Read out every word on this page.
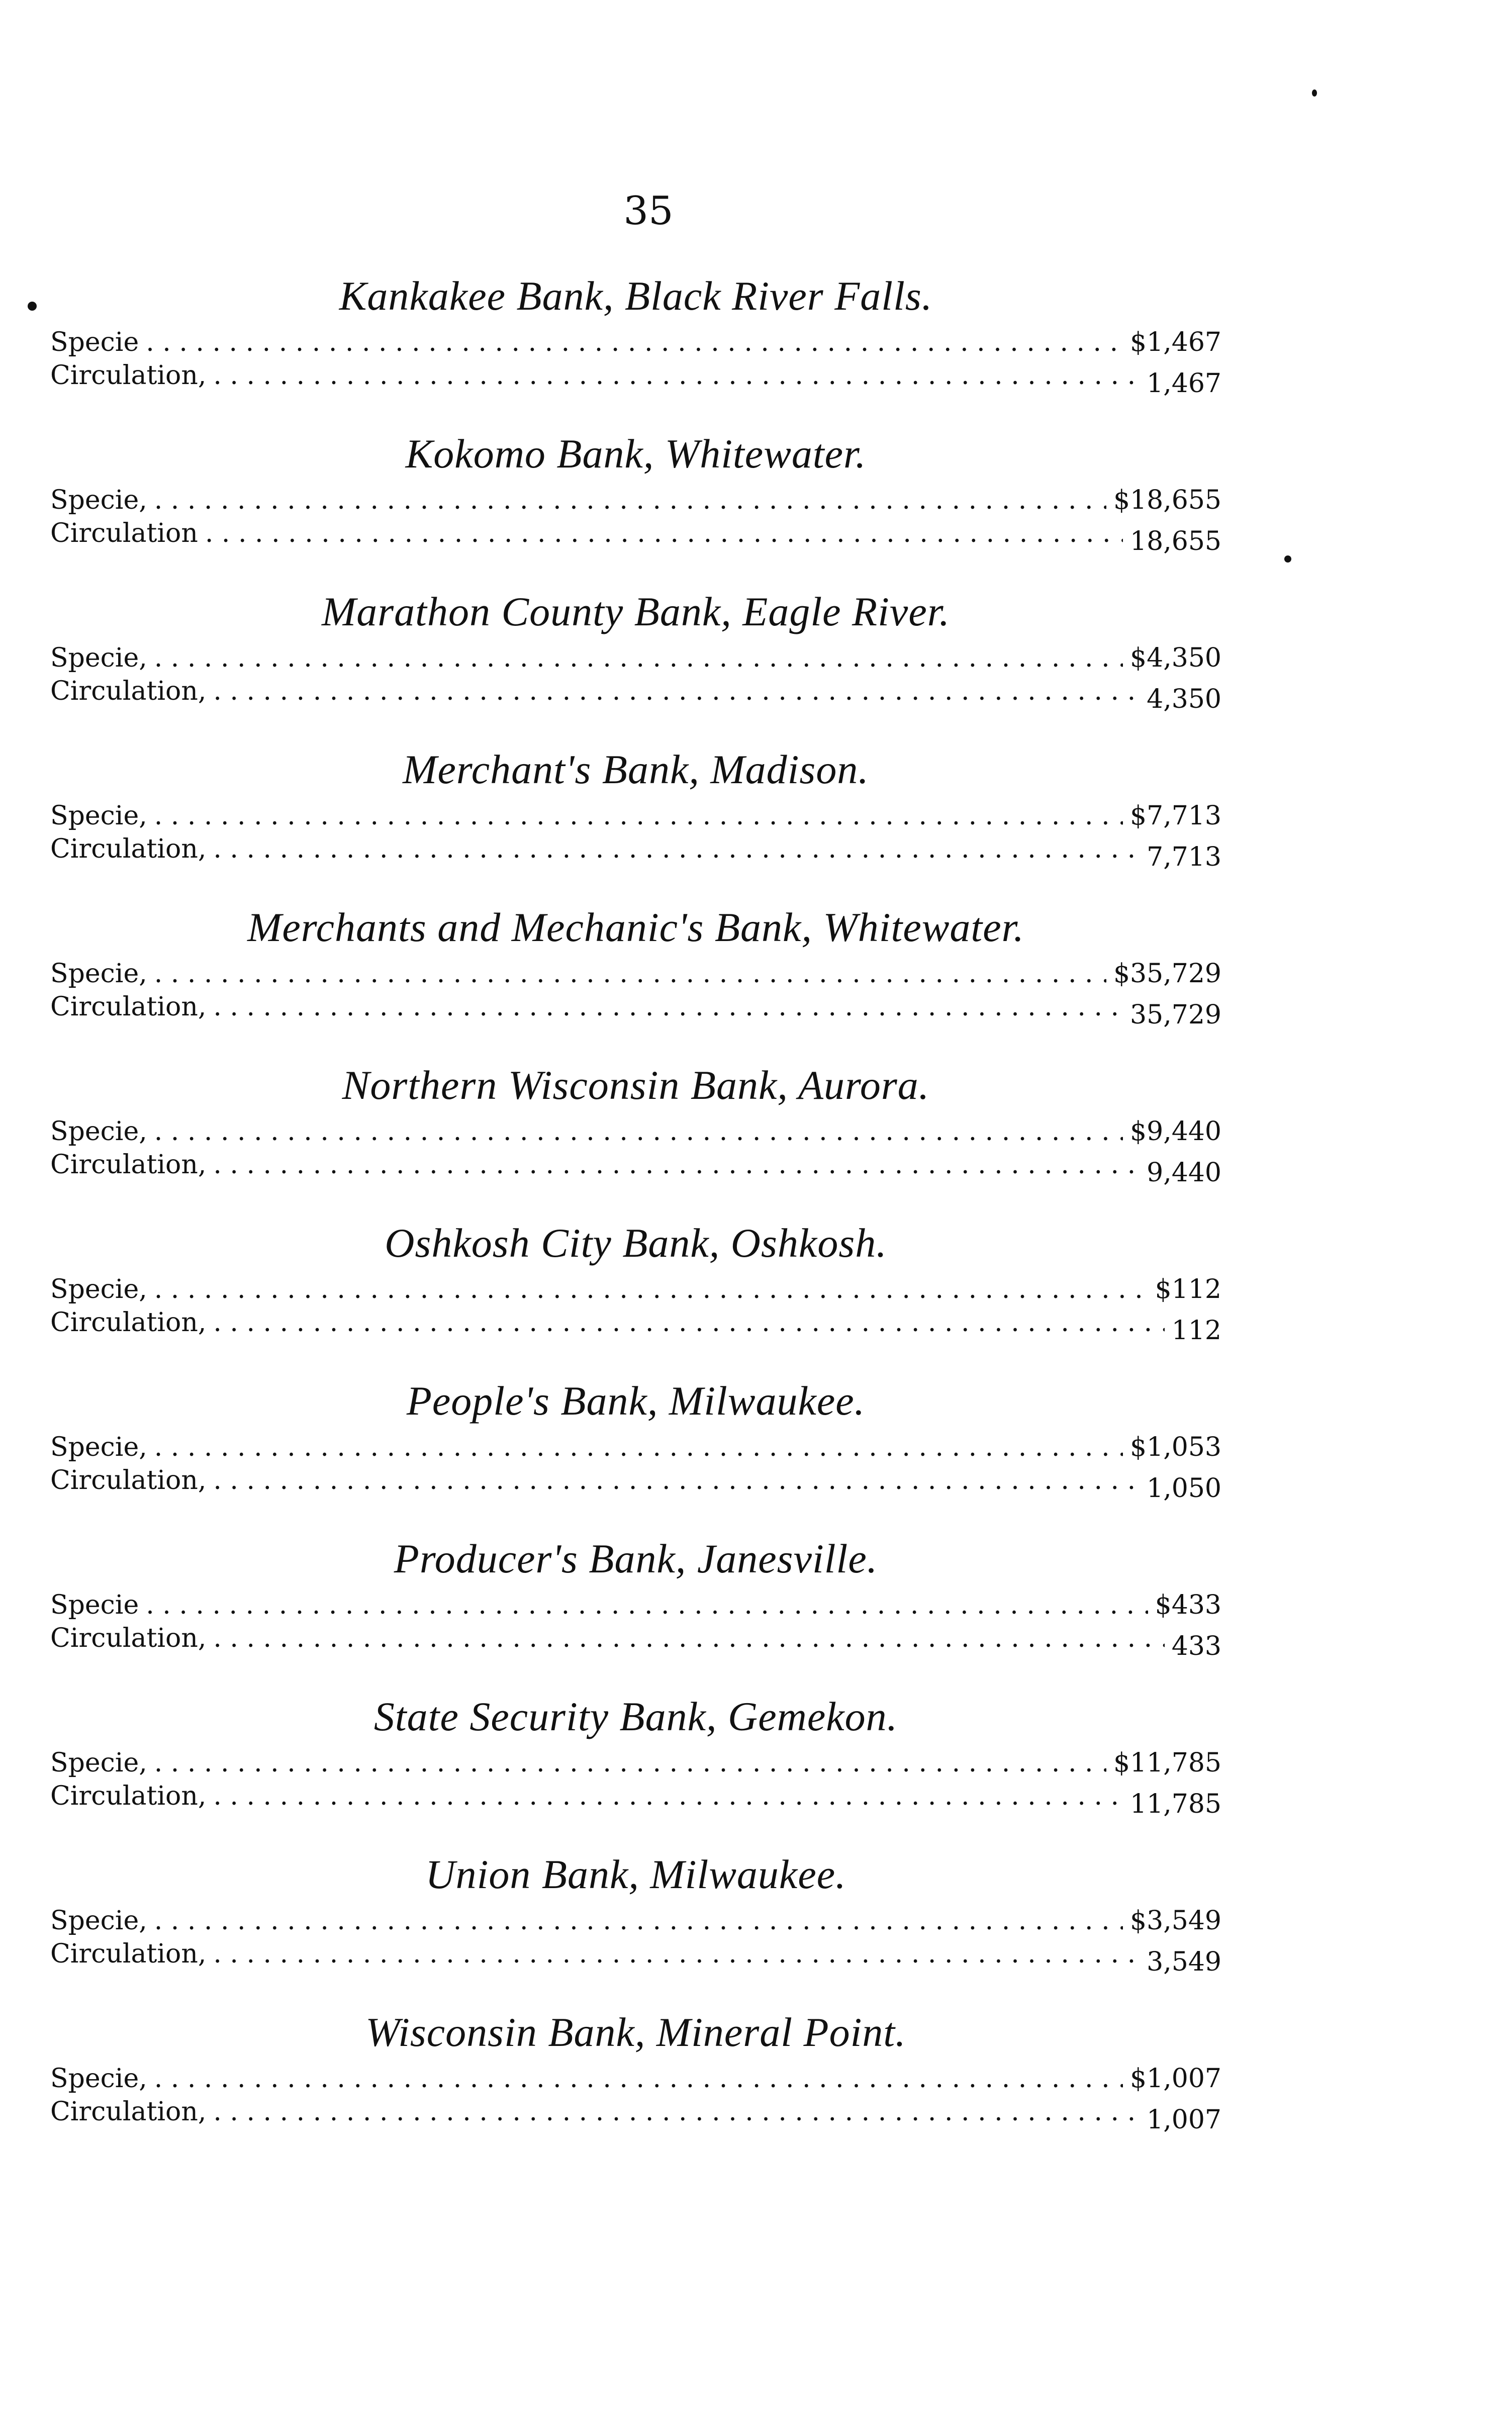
35
Kankakee Bank, Black River Falls.
Specie . . .	$1,467
Circulation, . . .	1,467
Kokomo Bank, Whitewater.
Specie, . . .	$18,655
Circulation . . .	18,655
Marathon County Bank, Eagle River.
Specie, . . .	$4,350
Circulation, . . .	4,350
Merchant's Bank, Madison.
Specie, . . .	$7,713
Circulation, . . .	7,713
Merchants and Mechanic's Bank, Whitewater.
Specie, . . .	$35,729
Circulation, . . .	35,729
Northern Wisconsin Bank, Aurora.
Specie, . . .	$9,440
Circulation, . . .	9,440
Oshkosh City Bank, Oshkosh.
Specie, . . .	$112
Circulation, . . .	112
People's Bank, Milwaukee.
Specie, . . .	$1,053
Circulation, . . .	1,050
Producer's Bank, Janesville.
Specie . . .	$433
Circulation, . . .	433
State Security Bank, Gemekon.
Specie, . . .	$11,785
Circulation, . . .	11,785
Union Bank, Milwaukee.
Specie, . . .	$3,549
Circulation, . . .	3,549
Wisconsin Bank, Mineral Point.
Specie, . . .	$1,007
Circulation, . . .	1,007
